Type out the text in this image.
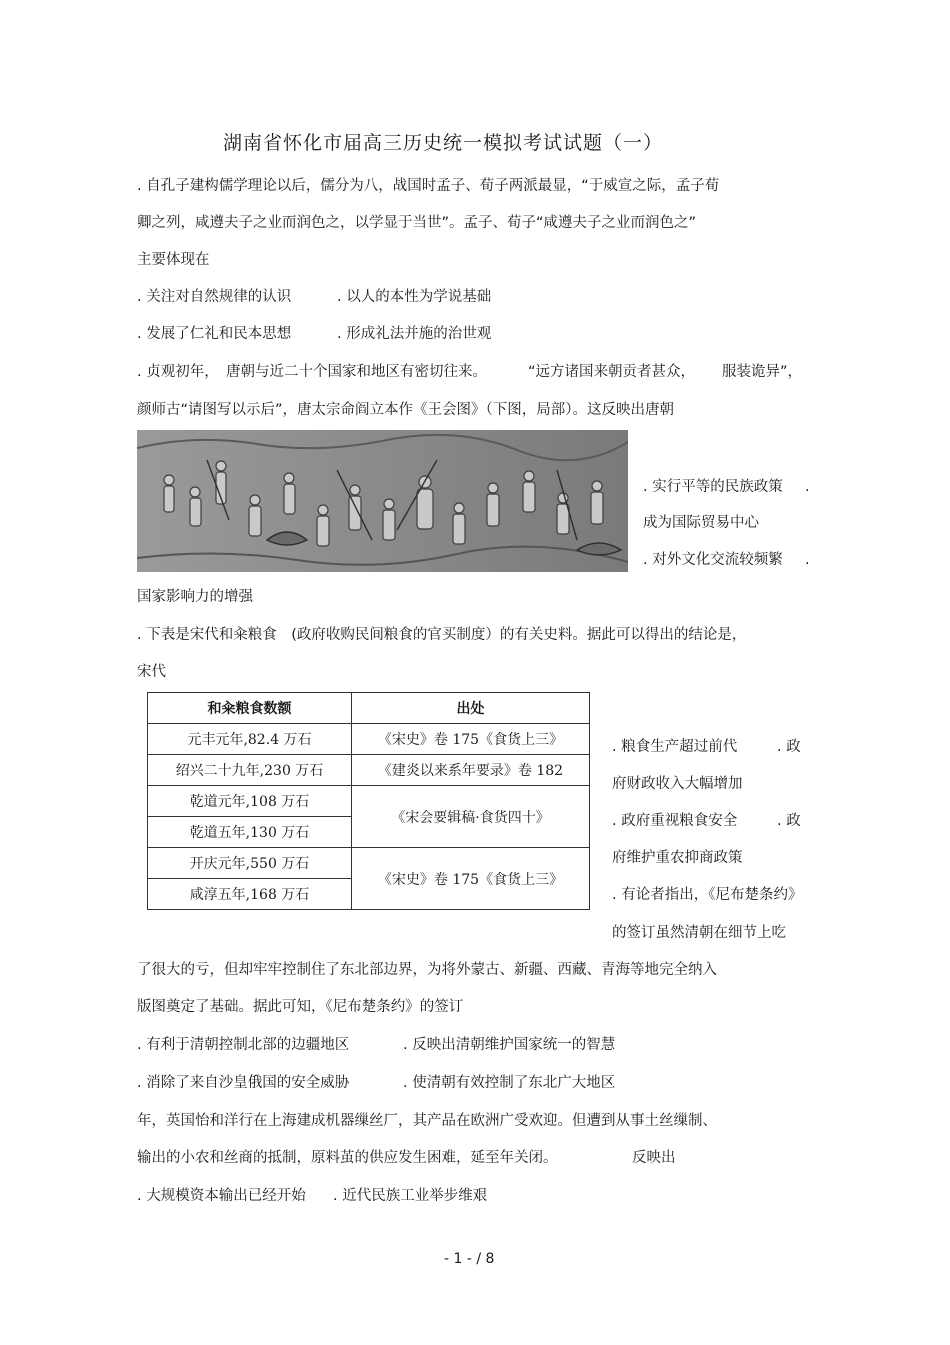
湖南省怀化市届高三历史统一模拟考试试题（一）
. 自孔子建构儒学理论以后，儒分为八，战国时孟子、荀子两派最显，“于威宣之际，孟子荀
卿之列，咸遵夫子之业而润色之，以学显于当世”。孟子、荀子“咸遵夫子之业而润色之”
主要体现在
. 关注对自然规律的认识	. 以人的本性为学说基础
. 发展了仁礼和民本思想	. 形成礼法并施的治世观
. 贞观初年， 唐朝与近二十个国家和地区有密切往来。	“远方诸国来朝贡者甚众， 服装诡异”，
颜师古“请图写以示后”，唐太宗命阎立本作《王会图》（下图，局部）。这反映出唐朝
. 实行平等的民族政策 .
成为国际贸易中心
. 对外文化交流较频繁 .
国家影响力的增强
. 下表是宋代和籴粮食　(政府收购民间粮食的官买制度）的有关史料。据此可以得出的结论是，
宋代
和籴粮食数额	出处
元丰元年,82.4 万石	《宋史》卷 175《食货上三》
绍兴二十九年,230 万石	《建炎以来系年要录》卷 182
乾道元年,108 万石	《宋会要辑稿·食货四十》
乾道五年,130 万石	
开庆元年,550 万石	《宋史》卷 175《食货上三》
咸淳五年,168 万石	
. 粮食生产超过前代	. 政
府财政收入大幅增加
. 政府重视粮食安全	. 政
府维护重农抑商政策
. 有论者指出，《尼布楚条约》
的签订虽然清朝在细节上吃
了很大的亏，但却牢牢控制住了东北部边界，为将外蒙古、新疆、西藏、青海等地完全纳入
版图奠定了基础。据此可知，《尼布楚条约》的签订
. 有利于清朝控制北部的边疆地区	. 反映出清朝维护国家统一的智慧
. 消除了来自沙皇俄国的安全威胁	. 使清朝有效控制了东北广大地区
年，英国怡和洋行在上海建成机器缫丝厂，其产品在欧洲广受欢迎。但遭到从事土丝缫制、
输出的小农和丝商的抵制，原料茧的供应发生困难，延至年关闭。	反映出
. 大规模资本输出已经开始 . 近代民族工业举步维艰
- 1 - / 8
